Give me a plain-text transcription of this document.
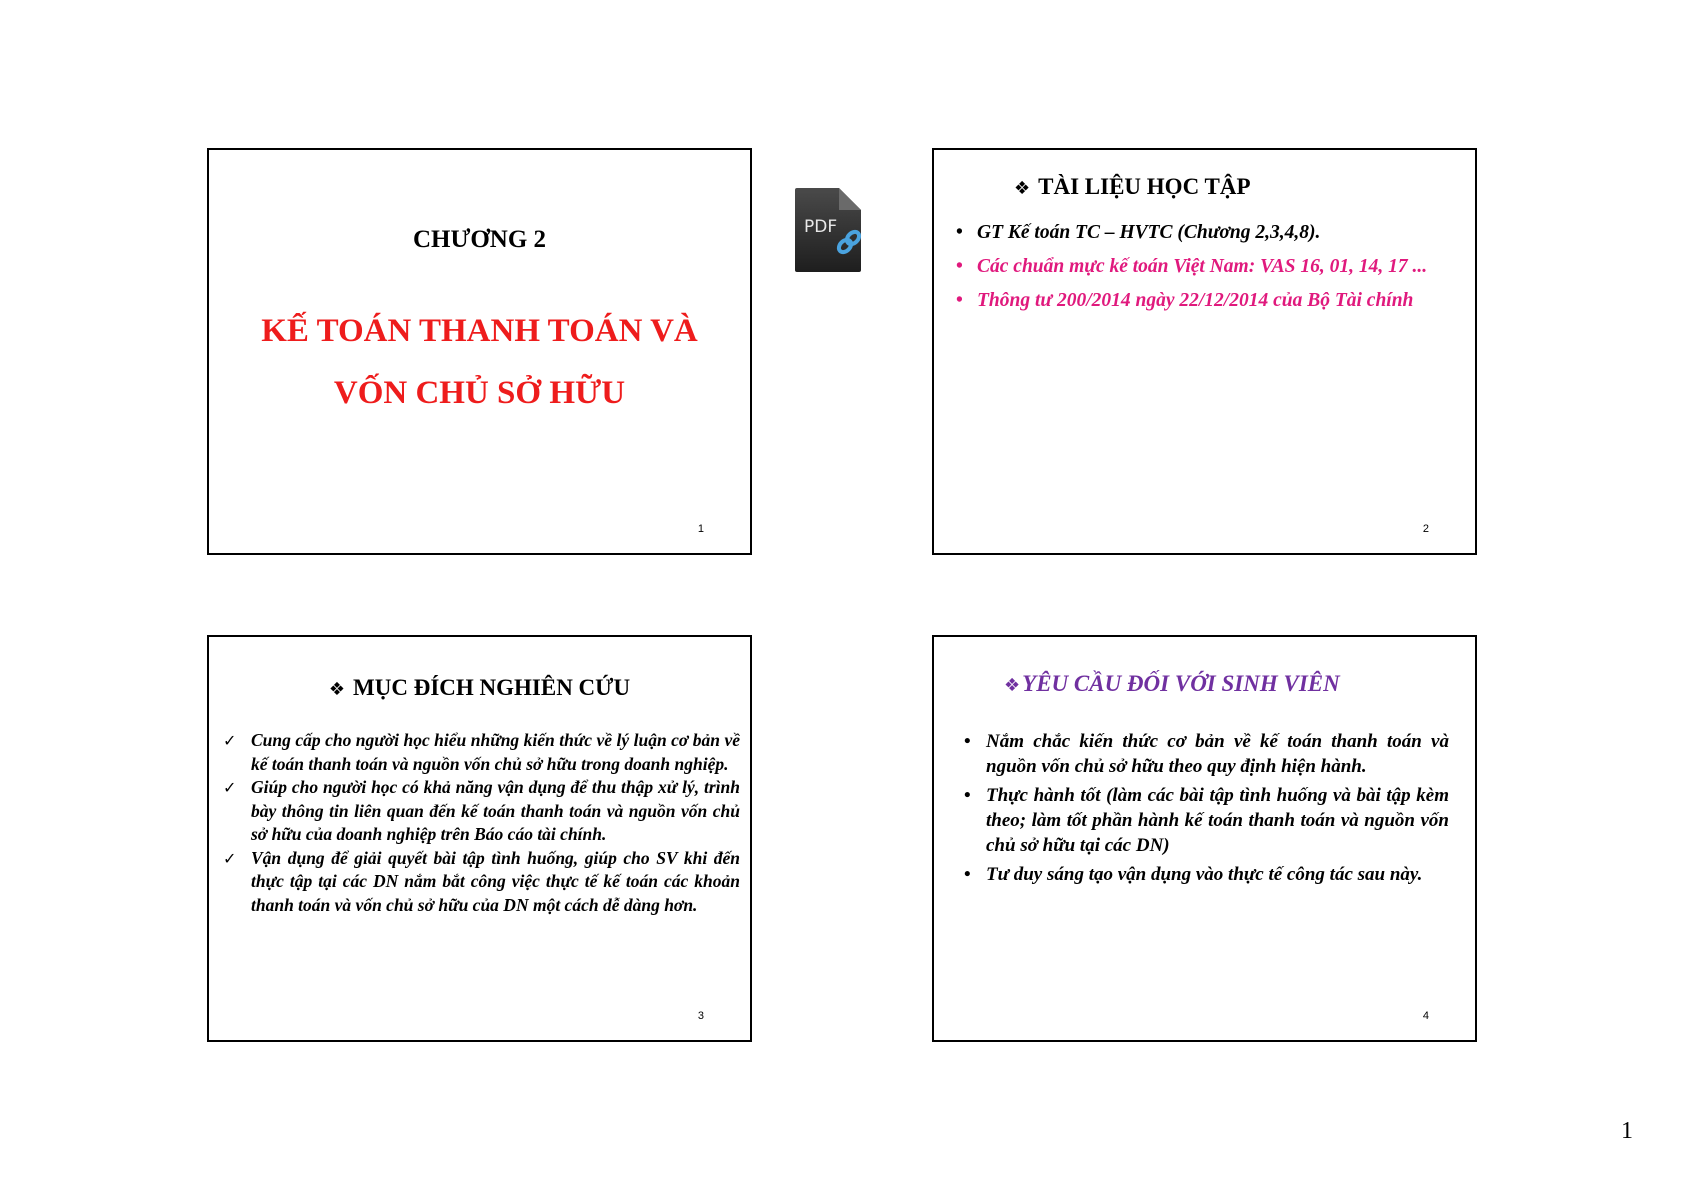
CHƯƠNG 2
KẾ TOÁN THANH TOÁN VÀ
VỐN CHỦ SỞ HỮU
1
PDF
❖ TÀI LIỆU HỌC TẬP
• GT Kế toán TC – HVTC (Chương 2,3,4,8).
• Các chuẩn mực kế toán Việt Nam: VAS 16, 01, 14, 17 ...
• Thông tư 200/2014 ngày 22/12/2014 của Bộ Tài chính
2
❖ MỤC ĐÍCH NGHIÊN CỨU
✓ Cung cấp cho người học hiểu những kiến thức về lý luận cơ bản về kế toán thanh toán và nguồn vốn chủ sở hữu trong doanh nghiệp.
✓ Giúp cho người học có khả năng vận dụng để thu thập xử lý, trình bày thông tin liên quan đến kế toán thanh toán và nguồn vốn chủ sở hữu của doanh nghiệp trên Báo cáo tài chính.
✓ Vận dụng để giải quyết bài tập tình huống, giúp cho SV khi đến thực tập tại các DN nắm bắt công việc thực tế kế toán các khoản thanh toán và vốn chủ sở hữu của DN một cách dễ dàng hơn.
3
❖YÊU CẦU ĐỐI VỚI SINH VIÊN
• Nắm chắc kiến thức cơ bản về kế toán thanh toán và nguồn vốn chủ sở hữu theo quy định hiện hành.
• Thực hành tốt (làm các bài tập tình huống và bài tập kèm theo; làm tốt phần hành kế toán thanh toán và nguồn vốn chủ sở hữu tại các DN)
• Tư duy sáng tạo vận dụng vào thực tế công tác sau này.
4
1
